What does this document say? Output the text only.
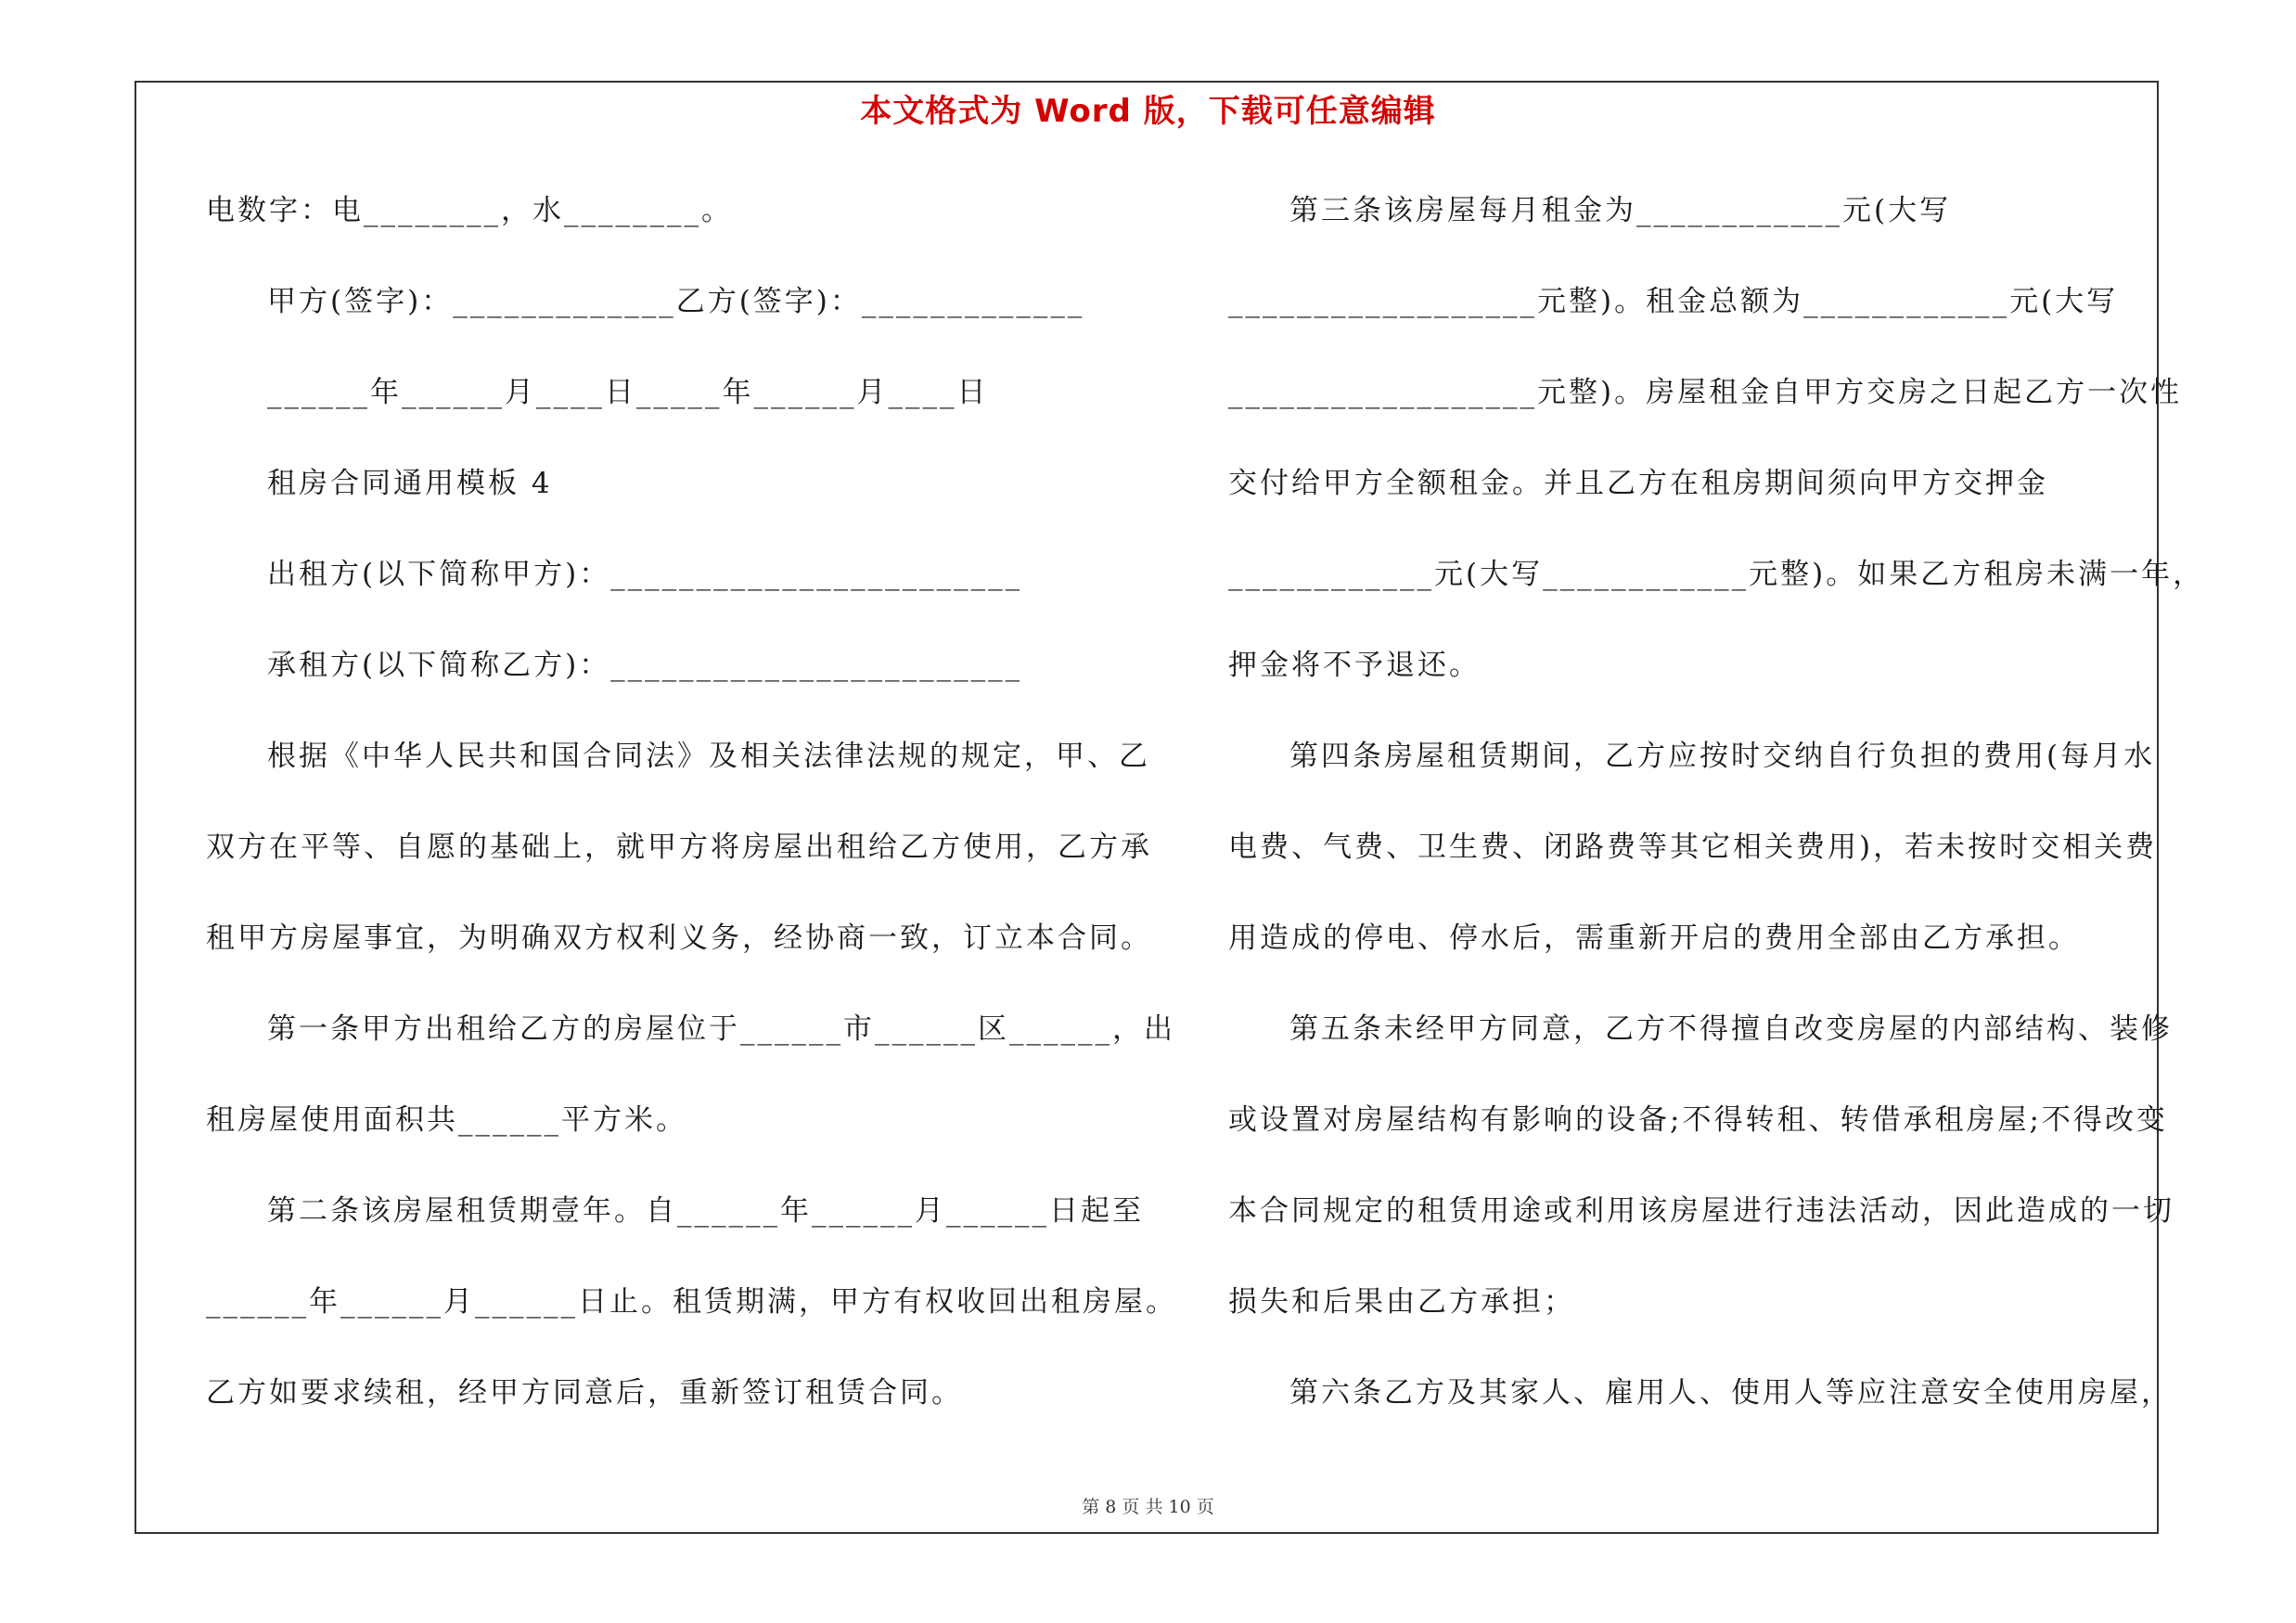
本文格式为 Word 版，下载可任意编辑
电数字：电________，水________。
甲方(签字)：_____________乙方(签字)：_____________
______年______月____日_____年______月____日
租房合同通用模板 4
出租方(以下简称甲方)：________________________
承租方(以下简称乙方)：________________________
根据《中华人民共和国合同法》及相关法律法规的规定，甲、乙
双方在平等、自愿的基础上，就甲方将房屋出租给乙方使用，乙方承
租甲方房屋事宜，为明确双方权利义务，经协商一致，订立本合同。
第一条甲方出租给乙方的房屋位于______市______区______，出
租房屋使用面积共______平方米。
第二条该房屋租赁期壹年。自______年______月______日起至
______年______月______日止。租赁期满，甲方有权收回出租房屋。
乙方如要求续租，经甲方同意后，重新签订租赁合同。
第三条该房屋每月租金为____________元(大写
__________________元整)。租金总额为____________元(大写
__________________元整)。房屋租金自甲方交房之日起乙方一次性
交付给甲方全额租金。并且乙方在租房期间须向甲方交押金
____________元(大写____________元整)。如果乙方租房未满一年，
押金将不予退还。
第四条房屋租赁期间，乙方应按时交纳自行负担的费用(每月水
电费、气费、卫生费、闭路费等其它相关费用)，若未按时交相关费
用造成的停电、停水后，需重新开启的费用全部由乙方承担。
第五条未经甲方同意，乙方不得擅自改变房屋的内部结构、装修
或设置对房屋结构有影响的设备;不得转租、转借承租房屋;不得改变
本合同规定的租赁用途或利用该房屋进行违法活动，因此造成的一切
损失和后果由乙方承担；
第六条乙方及其家人、雇用人、使用人等应注意安全使用房屋，
第 8 页 共 10 页
